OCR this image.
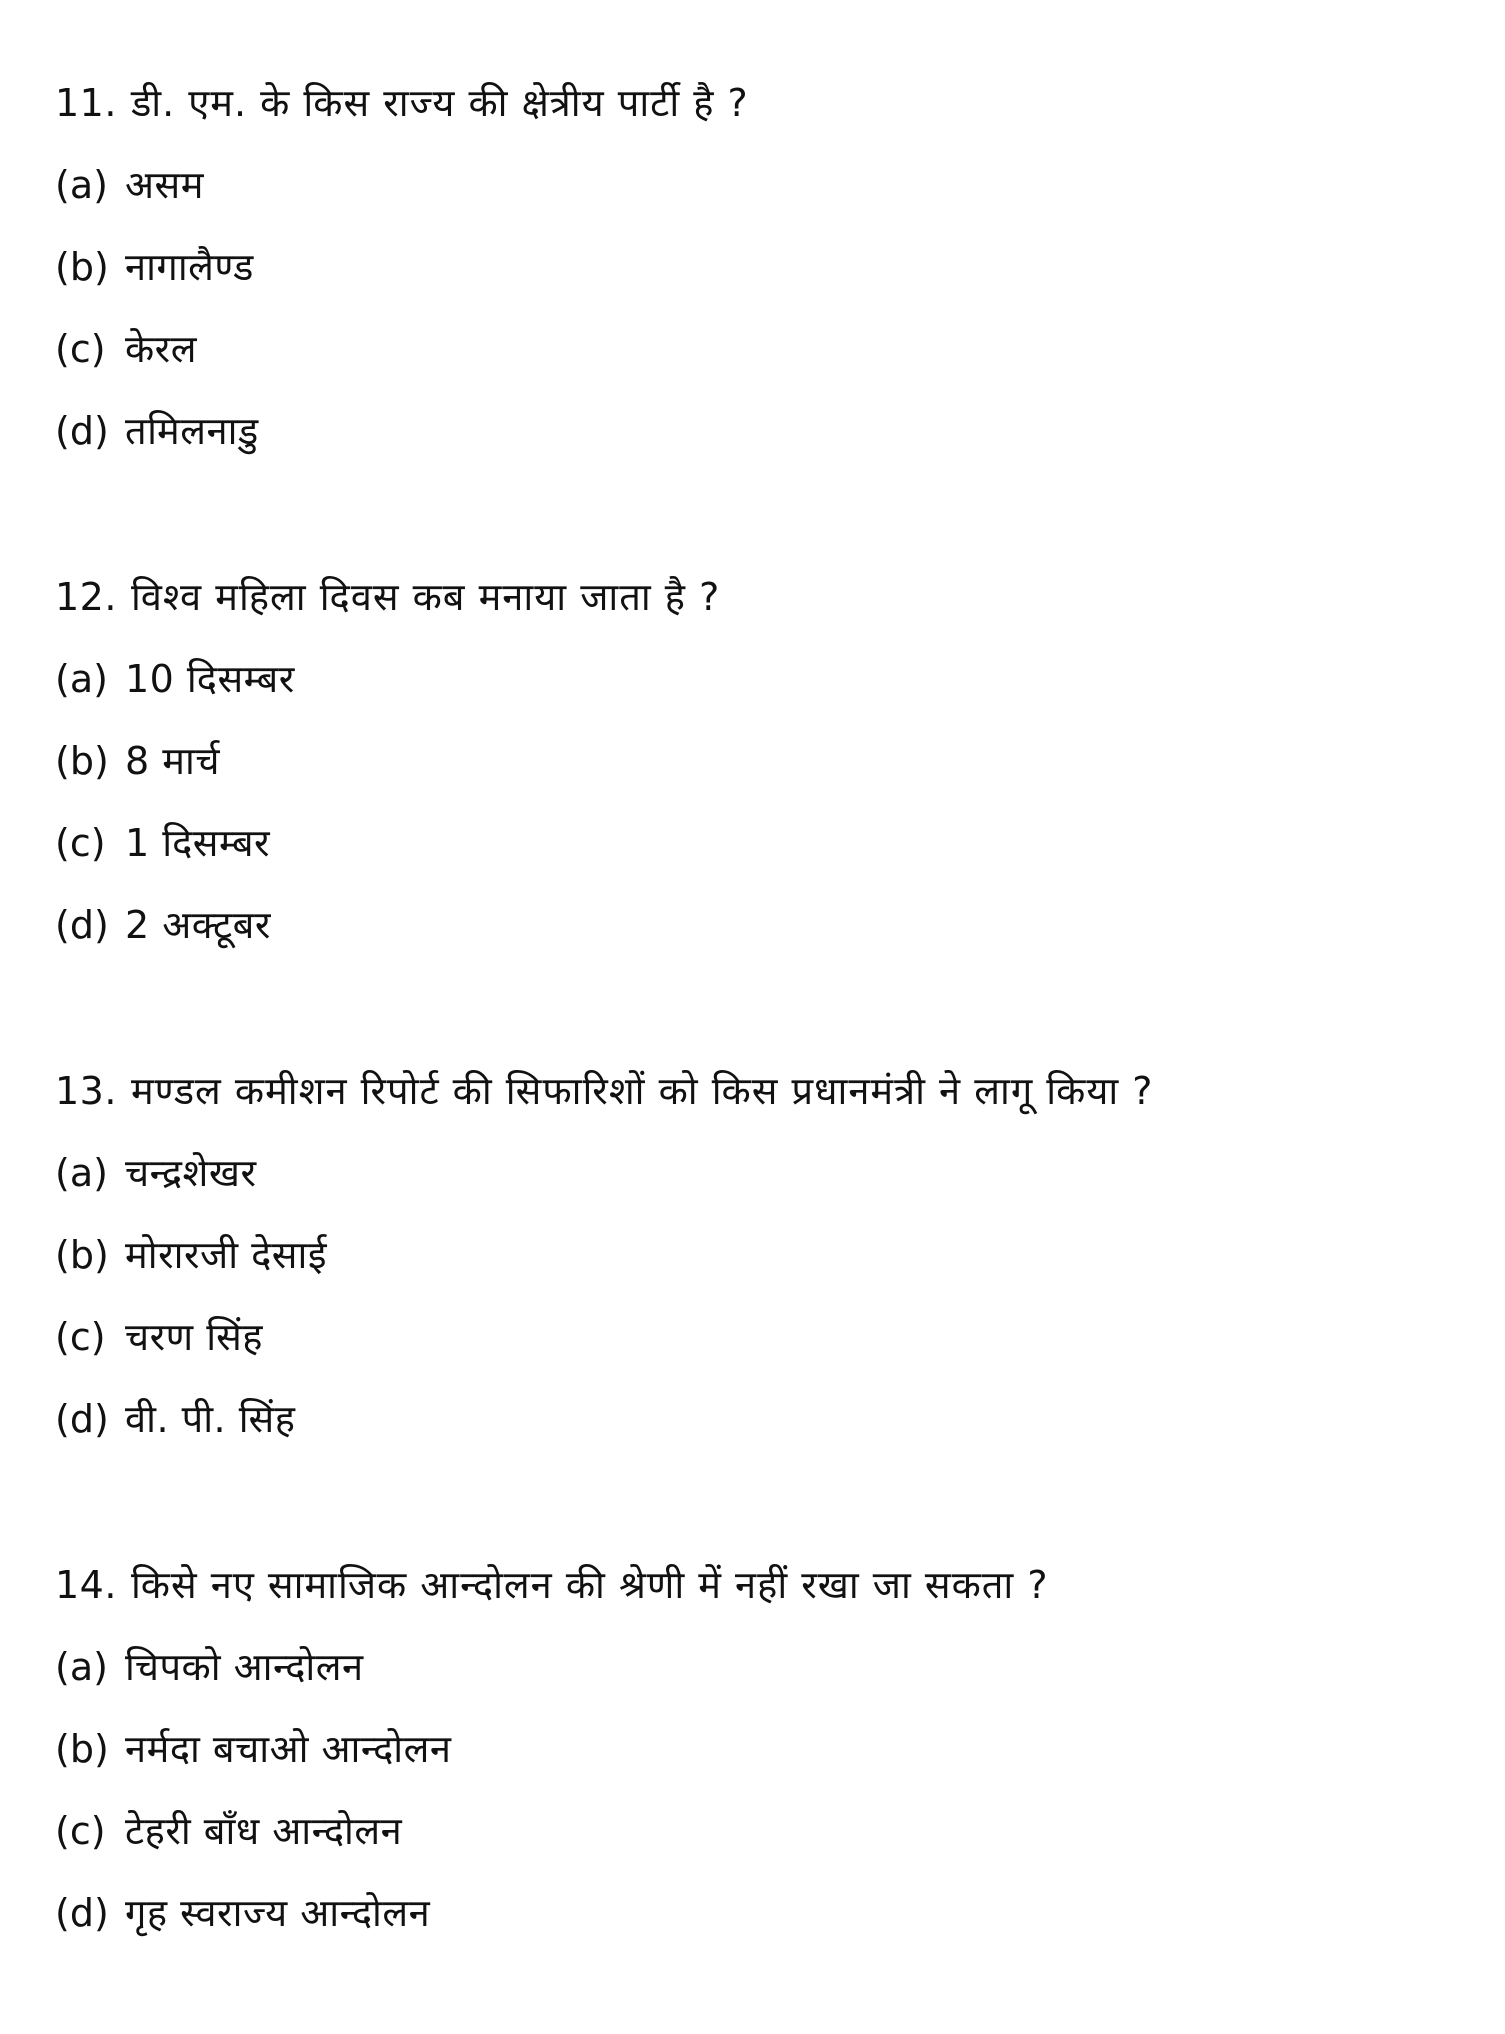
11. डी. एम. के किस राज्य की क्षेत्रीय पार्टी है ?
(a) असम
(b) नागालैण्ड
(c) केरल
(d) तमिलनाडु
12. विश्व महिला दिवस कब मनाया जाता है ?
(a) 10 दिसम्बर
(b) 8 मार्च
(c) 1 दिसम्बर
(d) 2 अक्टूबर
13. मण्डल कमीशन रिपोर्ट की सिफारिशों को किस प्रधानमंत्री ने लागू किया ?
(a) चन्द्रशेखर
(b) मोरारजी देसाई
(c) चरण सिंह
(d) वी. पी. सिंह
14. किसे नए सामाजिक आन्दोलन की श्रेणी में नहीं रखा जा सकता ?
(a) चिपको आन्दोलन
(b) नर्मदा बचाओ आन्दोलन
(c) टेहरी बाँध आन्दोलन
(d) गृह स्वराज्य आन्दोलन
